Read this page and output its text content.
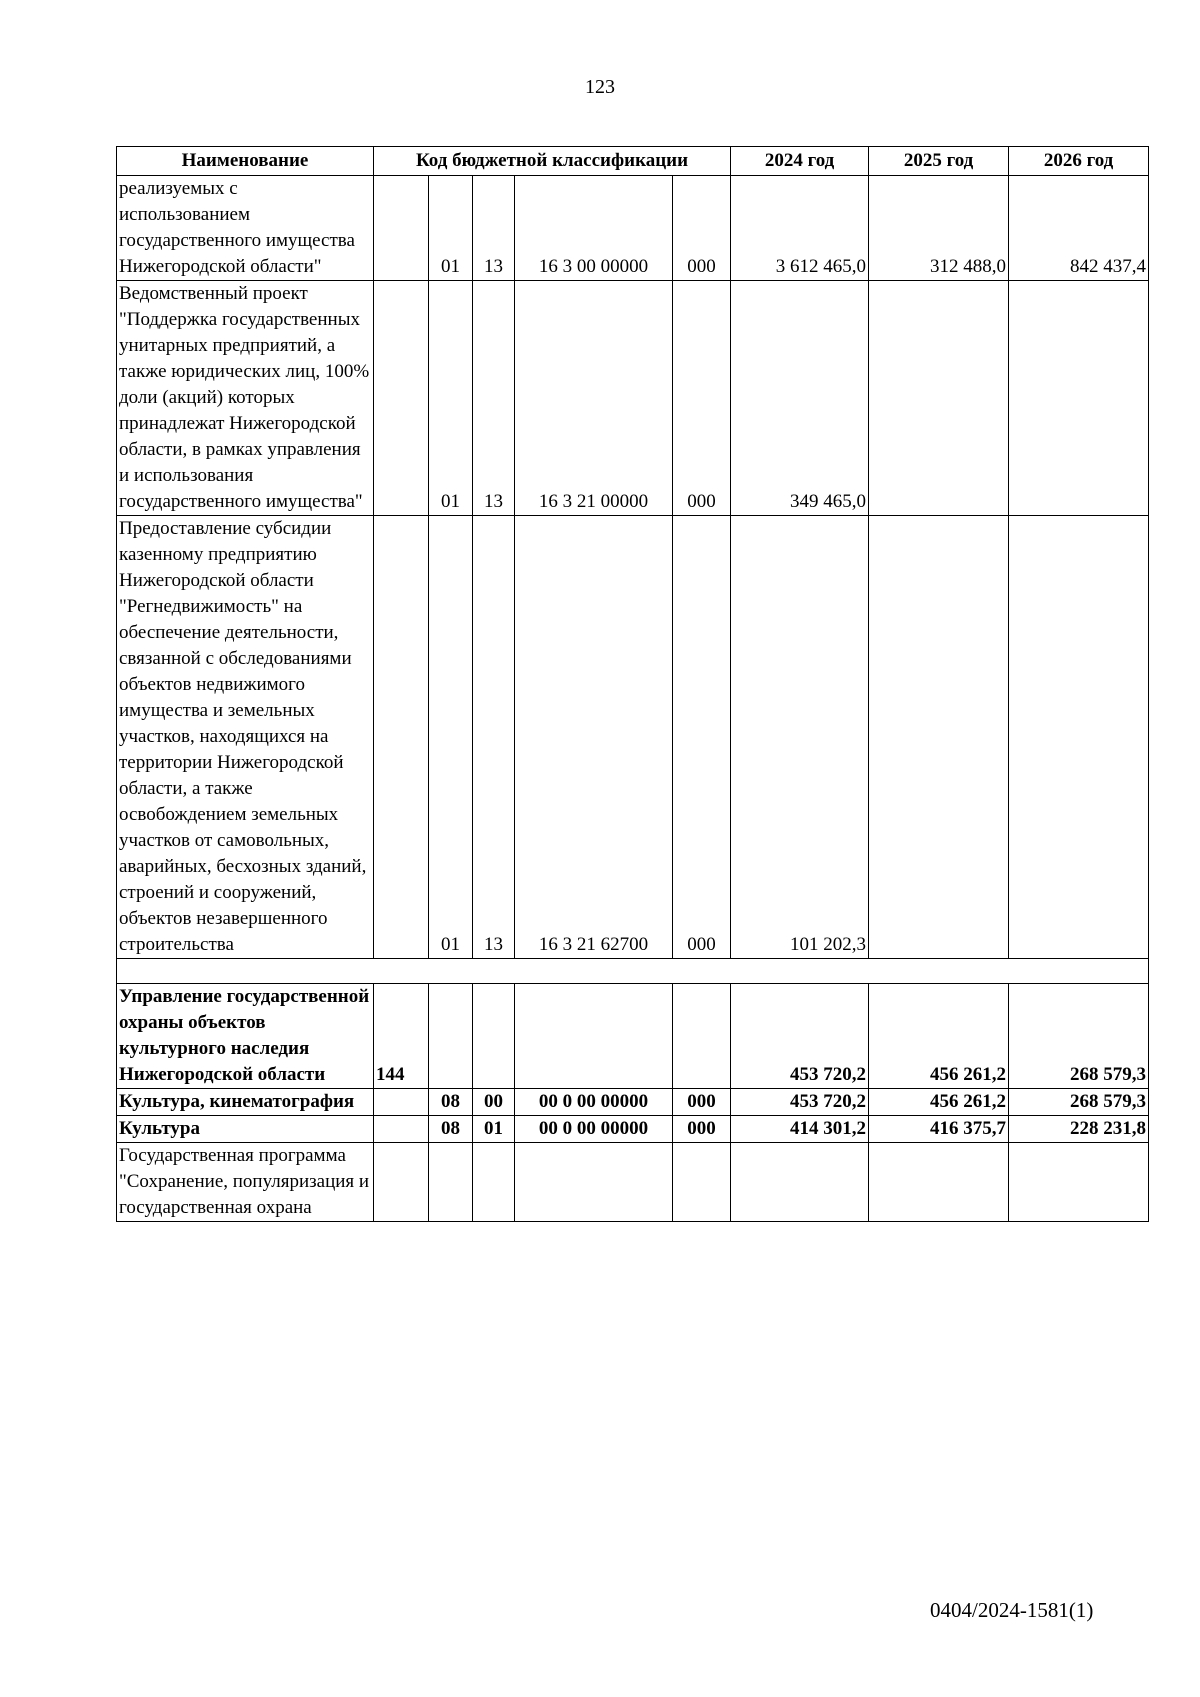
123
Наименование	Код бюджетной классификации					2024 год	2025 год	2026 год
реализуемых с использованием государственного имущества Нижегородской области"		01	13	16 3 00 00000	000	3 612 465,0	312 488,0	842 437,4
Ведомственный проект "Поддержка государственных унитарных предприятий, а также юридических лиц, 100% доли (акций) которых принадлежат Нижегородской области, в рамках управления и использования государственного имущества"		01	13	16 3 21 00000	000	349 465,0		
Предоставление субсидии казенному предприятию Нижегородской области "Регнедвижимость" на обеспечение деятельности, связанной с обследованиями объектов недвижимого имущества и земельных участков, находящихся на территории Нижегородской области, а также освобождением земельных участков от самовольных, аварийных, бесхозных зданий, строений и сооружений, объектов незавершенного строительства		01	13	16 3 21 62700	000	101 202,3		

Управление государственной охраны объектов культурного наследия Нижегородской области	144					453 720,2	456 261,2	268 579,3
Культура, кинематография		08	00	00 0 00 00000	000	453 720,2	456 261,2	268 579,3
Культура		08	01	00 0 00 00000	000	414 301,2	416 375,7	228 231,8
Государственная программа "Сохранение, популяризация и государственная охрана								
0404/2024-1581(1)
